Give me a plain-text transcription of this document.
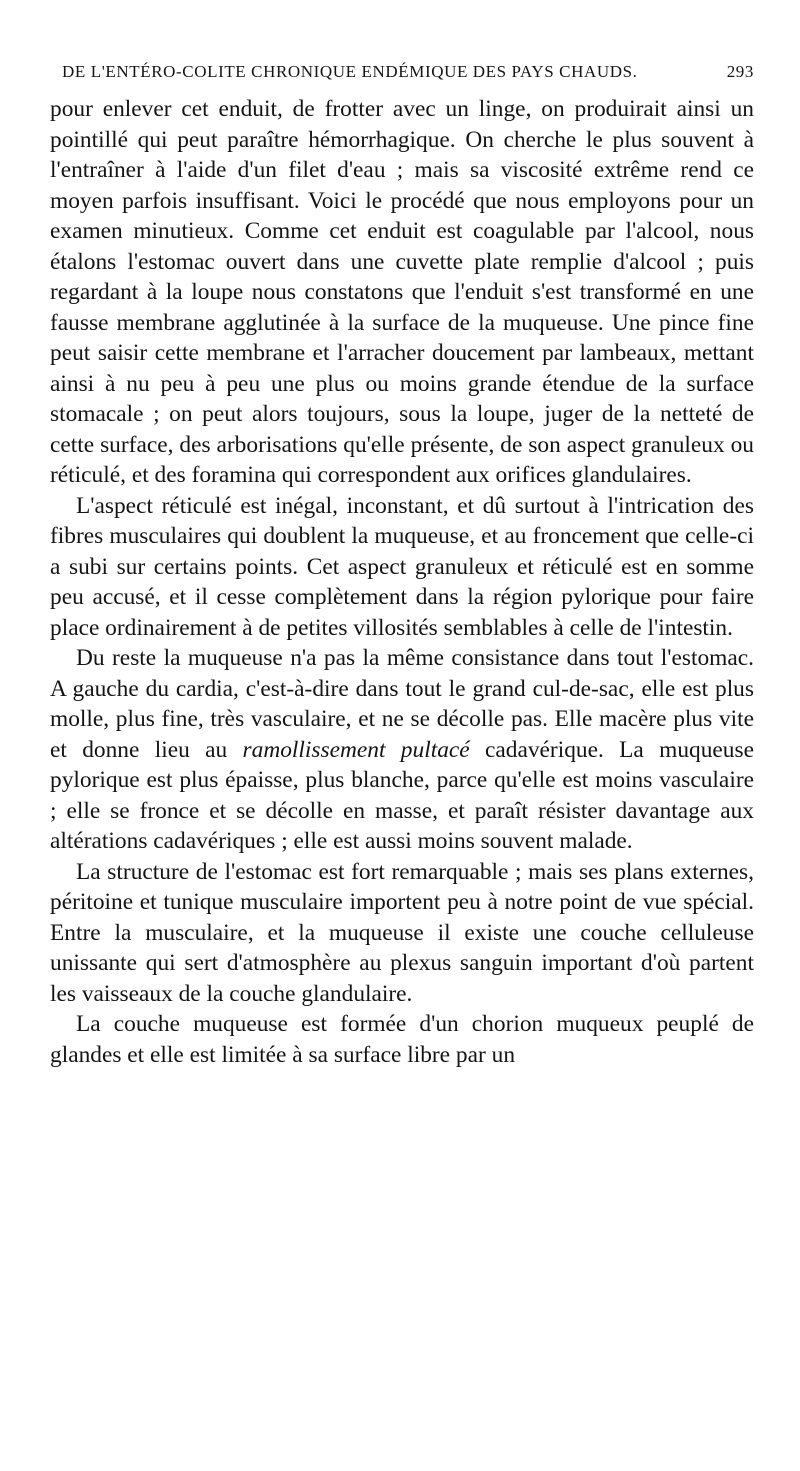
DE L'ENTÉRO-COLITE CHRONIQUE ENDÉMIQUE DES PAYS CHAUDS.	293

pour enlever cet enduit, de frotter avec un linge, on produirait ainsi un pointillé qui peut paraître hémorrhagique. On cherche le plus souvent à l'entraîner à l'aide d'un filet d'eau ; mais sa viscosité extrême rend ce moyen parfois insuffisant. Voici le procédé que nous employons pour un examen minutieux. Comme cet enduit est coagulable par l'alcool, nous étalons l'estomac ouvert dans une cuvette plate remplie d'alcool ; puis regardant à la loupe nous constatons que l'enduit s'est transformé en une fausse membrane agglutinée à la surface de la muqueuse. Une pince fine peut saisir cette membrane et l'arracher doucement par lambeaux, mettant ainsi à nu peu à peu une plus ou moins grande étendue de la surface stomacale ; on peut alors toujours, sous la loupe, juger de la netteté de cette surface, des arborisations qu'elle présente, de son aspect granuleux ou réticulé, et des foramina qui correspondent aux orifices glandulaires.

L'aspect réticulé est inégal, inconstant, et dû surtout à l'intrication des fibres musculaires qui doublent la muqueuse, et au froncement que celle-ci a subi sur certains points. Cet aspect granuleux et réticulé est en somme peu accusé, et il cesse complètement dans la région pylorique pour faire place ordinairement à de petites villosités semblables à celle de l'intestin.

Du reste la muqueuse n'a pas la même consistance dans tout l'estomac. A gauche du cardia, c'est-à-dire dans tout le grand cul-de-sac, elle est plus molle, plus fine, très vasculaire, et ne se décolle pas. Elle macère plus vite et donne lieu au ramollissement pultacé cadavérique. La muqueuse pylorique est plus épaisse, plus blanche, parce qu'elle est moins vasculaire ; elle se fronce et se décolle en masse, et paraît résister davantage aux altérations cadavériques ; elle est aussi moins souvent malade.

La structure de l'estomac est fort remarquable ; mais ses plans externes, péritoine et tunique musculaire importent peu à notre point de vue spécial. Entre la musculaire, et la muqueuse il existe une couche celluleuse unissante qui sert d'atmosphère au plexus sanguin important d'où partent les vaisseaux de la couche glandulaire.

La couche muqueuse est formée d'un chorion muqueux peuplé de glandes et elle est limitée à sa surface libre par un
